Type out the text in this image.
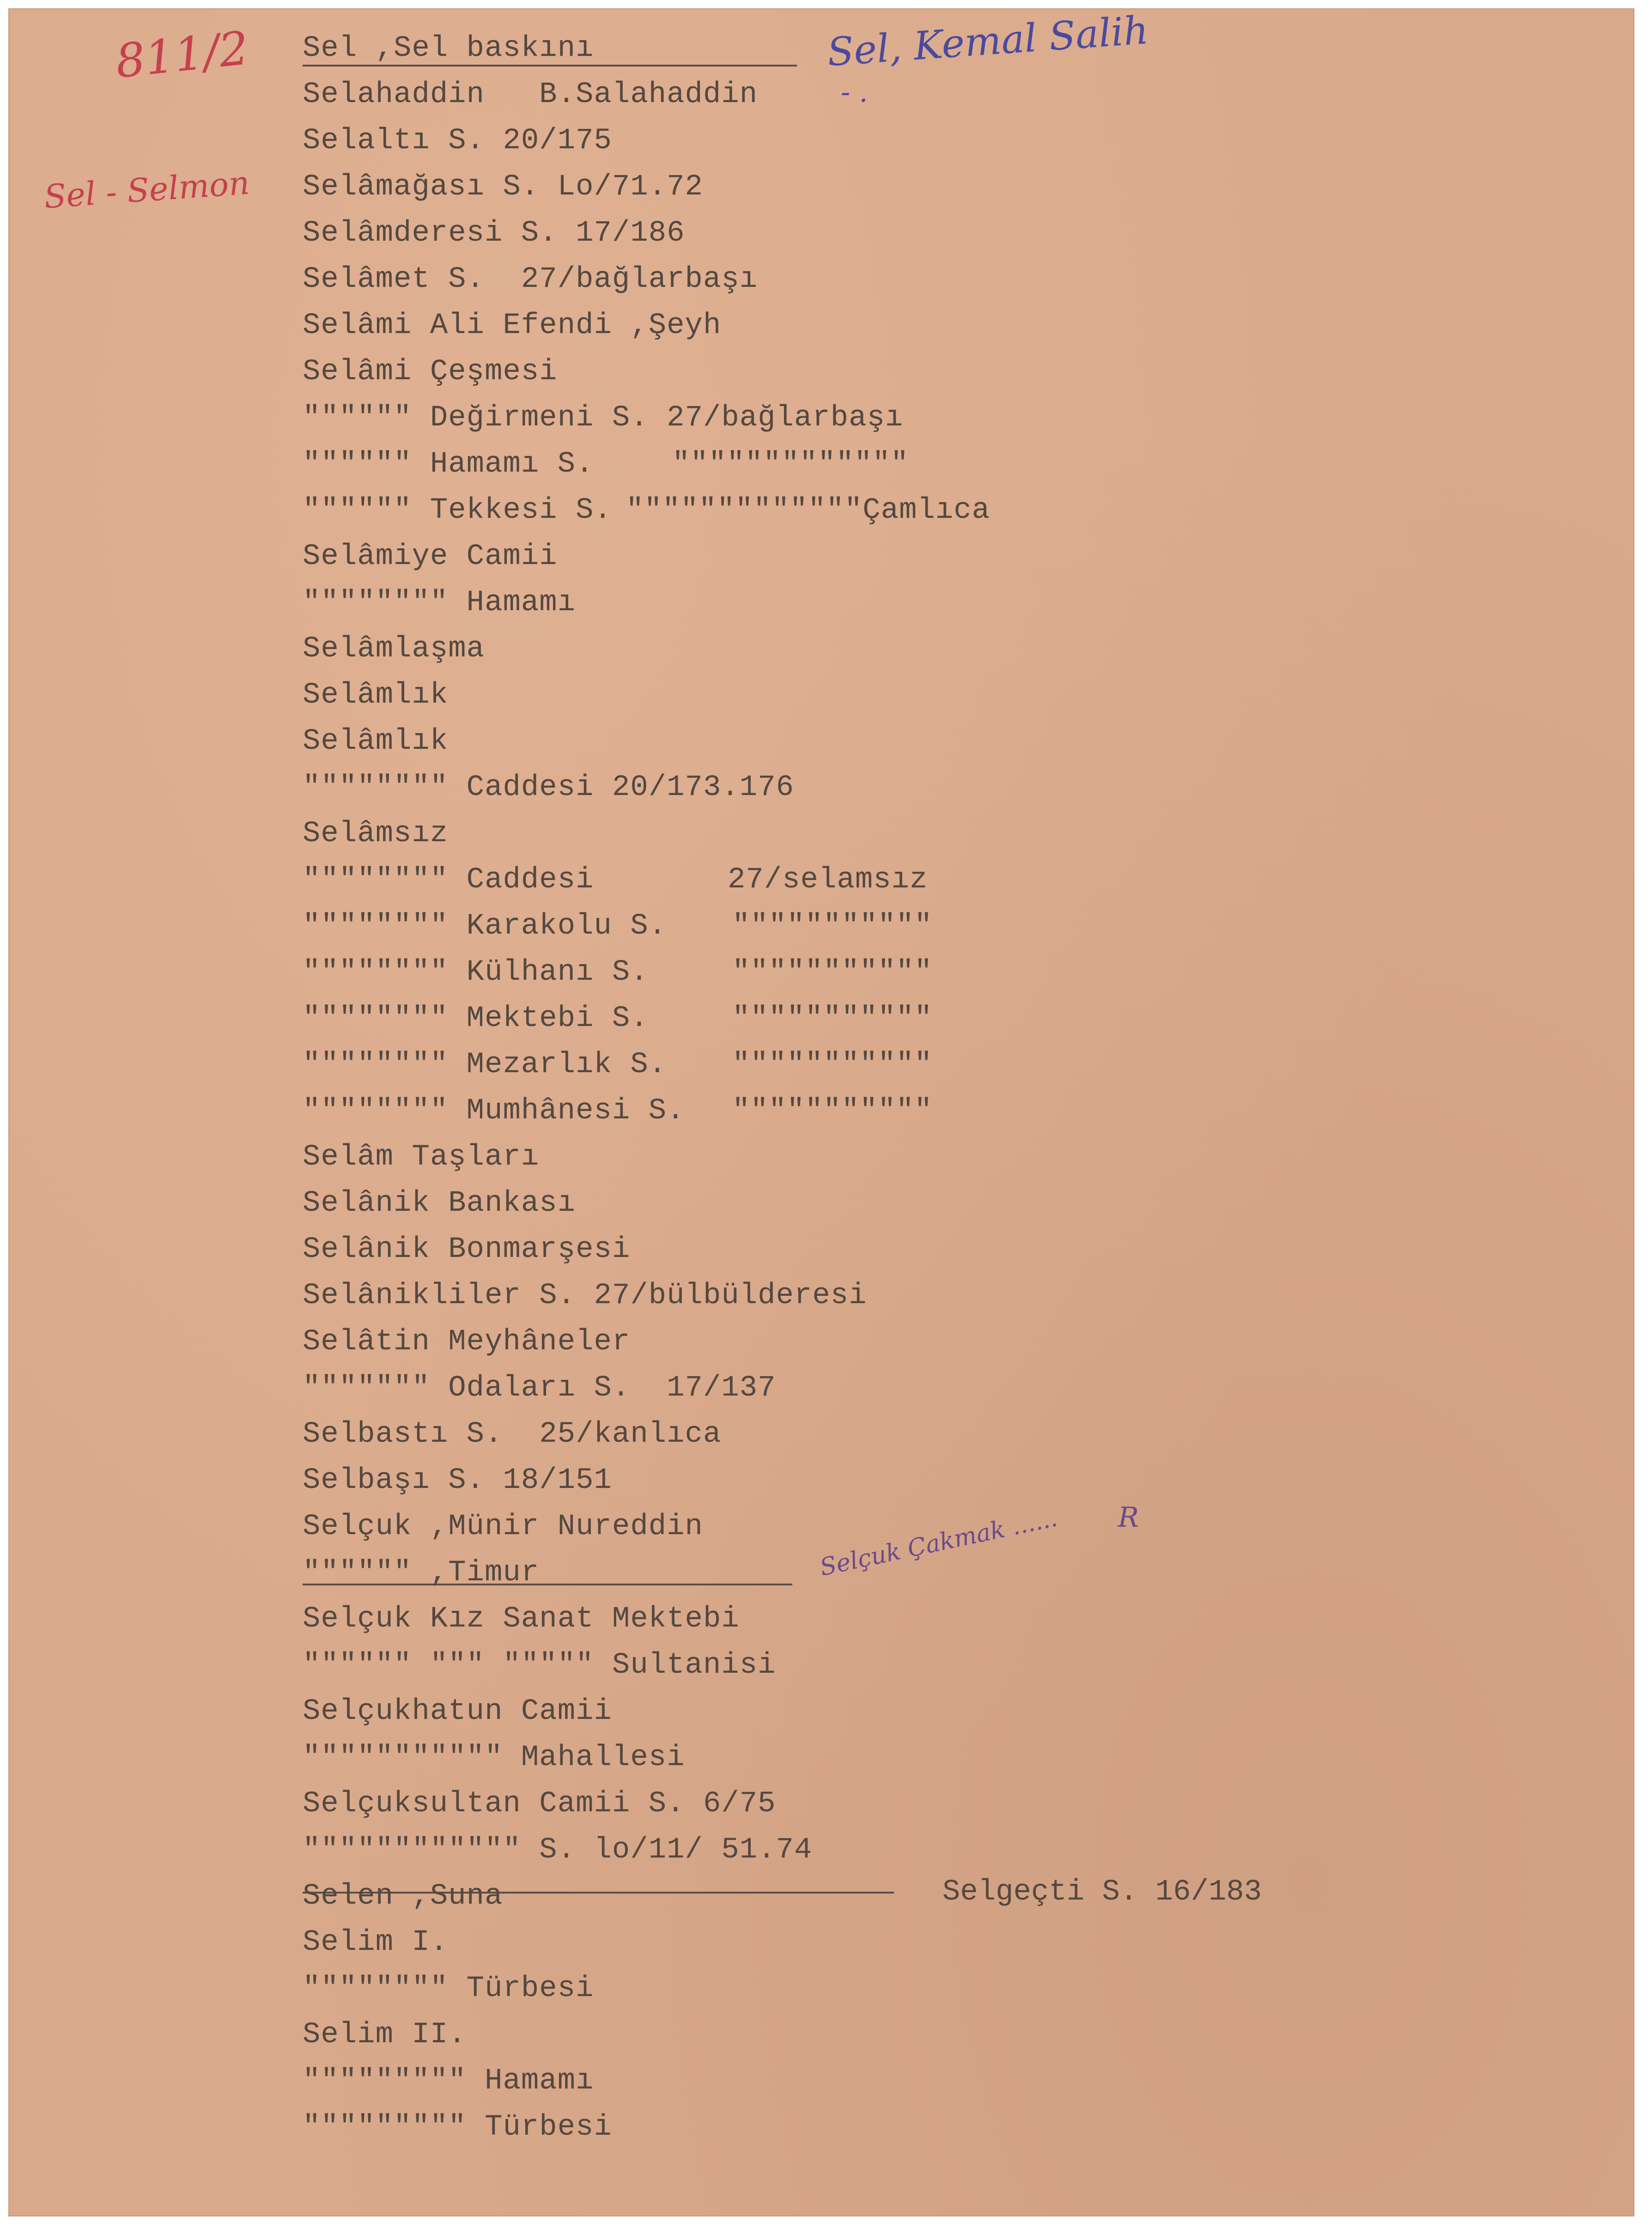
811/2
Sel - Selmon
Sel, Kemal Salih
- .
Selçuk Çakmak ...... R
Selgeçti S. 16/183
Sel ,Sel baskını
Selahaddin   B.Salahaddin
Selaltı S. 20/175
Selâmağası S. Lo/71.72
Selâmderesi S. 17/186
Selâmet S.  27/bağlarbaşı
Selâmi Ali Efendi ,Şeyh
Selâmi Çeşmesi
"""""" Değirmeni S. 27/bağlarbaşı
"""""" Hamamı S.	"""""""""""""
"""""" Tekkesi S. """""""""""""Çamlıca
Selâmiye Camii
"""""""" Hamamı
Selâmlaşma
Selâmlık
Selâmlık
"""""""" Caddesi 20/173.176
Selâmsız
"""""""" Caddesi	27/selamsız
"""""""" Karakolu S. """""""""""
"""""""" Külhanı S.	"""""""""""
"""""""" Mektebi S.	"""""""""""
"""""""" Mezarlık S. """""""""""
"""""""" Mumhânesi S. """""""""""
Selâm Taşları
Selânik Bankası
Selânik Bonmarşesi
Selânikliler S. 27/bülbülderesi
Selâtin Meyhâneler
""""""" Odaları S.  17/137
Selbastı S.  25/kanlıca
Selbaşı S. 18/151
Selçuk ,Münir Nureddin
"""""" ,Timur
Selçuk Kız Sanat Mektebi
"""""" """ """"" Sultanisi
Selçukhatun Camii
""""""""""" Mahallesi
Selçuksultan Camii S. 6/75
"""""""""""" S. lo/11/ 51.74
Selen ,Suna
Selim I.
"""""""" Türbesi
Selim II.
""""""""" Hamamı
""""""""" Türbesi
